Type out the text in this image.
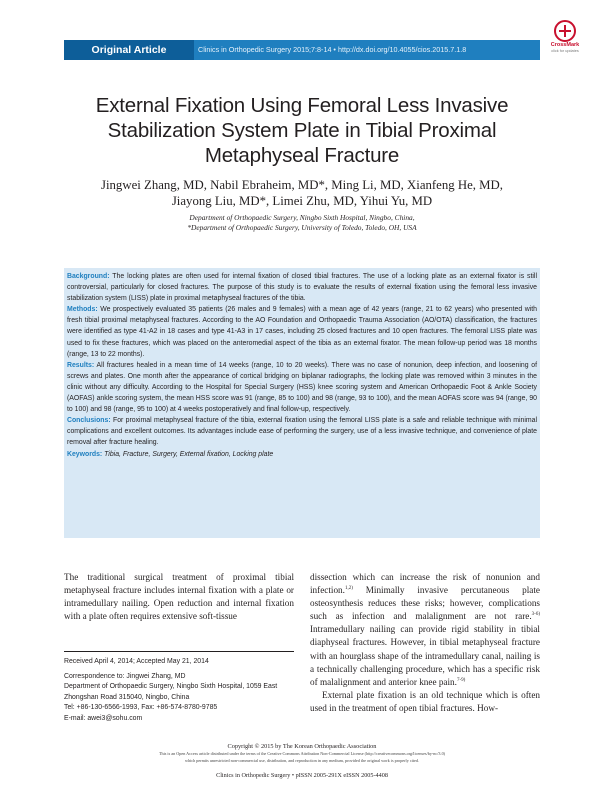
Original Article	Clinics in Orthopedic Surgery 2015;7:8-14 • http://dx.doi.org/10.4055/cios.2015.7.1.8	CrossMark
click for updates
External Fixation Using Femoral Less Invasive
Stabilization System Plate in Tibial Proximal
Metaphyseal Fracture
Jingwei Zhang, MD, Nabil Ebraheim, MD*, Ming Li, MD, Xianfeng He, MD,
Jiayong Liu, MD*, Limei Zhu, MD, Yihui Yu, MD
Department of Orthopaedic Surgery, Ningbo Sixth Hospital, Ningbo, China,
*Department of Orthopaedic Surgery, University of Toledo, Toledo, OH, USA

Background: The locking plates are often used for internal fixation of closed tibial fractures. The use of a locking plate as an external fixator is still controversial, particularly for closed fractures. The purpose of this study is to evaluate the results of external fixation using the femoral less invasive stabilization system (LISS) plate in proximal metaphyseal fractures of the tibia.

Methods: We prospectively evaluated 35 patients (26 males and 9 females) with a mean age of 42 years (range, 21 to 62 years) who presented with fresh tibial proximal metaphyseal fractures. According to the AO Foundation and Orthopaedic Trauma Association (AO/OTA) classification, the fractures were identified as type 41-A2 in 18 cases and type 41-A3 in 17 cases, including 25 closed fractures and 10 open fractures. The femoral LISS plate was used to fix these fractures, which was placed on the anteromedial aspect of the tibia as an external fixator. The mean follow-up period was 18 months (range, 13 to 22 months).

Results: All fractures healed in a mean time of 14 weeks (range, 10 to 20 weeks). There was no case of nonunion, deep infection, and loosening of screws and plates. One month after the appearance of cortical bridging on biplanar radiographs, the locking plate was removed within 3 minutes in the clinic without any difficulty. According to the Hospital for Special Surgery (HSS) knee scoring system and American Orthopaedic Foot & Ankle Society (AOFAS) ankle scoring system, the mean HSS score was 91 (range, 85 to 100) and 98 (range, 93 to 100), and the mean AOFAS score was 94 (range, 90 to 100) and 98 (range, 95 to 100) at 4 weeks postoperatively and final follow-up, respectively.

Conclusions: For proximal metaphyseal fracture of the tibia, external fixation using the femoral LISS plate is a safe and reliable technique with minimal complications and excellent outcomes. Its advantages include ease of performing the surgery, use of a less invasive technique, and convenience of plate removal after fracture healing.

Keywords: Tibia, Fracture, Surgery, External fixation, Locking plate

The traditional surgical treatment of proximal tibial metaphyseal fracture includes internal fixation with a plate or intramedullary nailing. Open reduction and internal fixation with a plate often requires extensive soft-tissue

dissection which can increase the risk of nonunion and infection.$^{1,2)}$ Minimally invasive percutaneous plate osteosynthesis reduces these risks; however, complications such as infection and malalignment are not rare.$^{3-6)}$ Intramedullary nailing can provide rigid stability in tibial diaphyseal fractures. However, in tibial metaphyseal fracture with an hourglass shape of the intramedullary canal, nailing is a technically challenging procedure, which has a specific risk of malalignment and anterior knee pain.$^{7-9)}$

External plate fixation is an old technique which is often used in the treatment of open tibial fractures. How-

Received April 4, 2014; Accepted May 21, 2014
Correspondence to: Jingwei Zhang, MD
Department of Orthopaedic Surgery, Ningbo Sixth Hospital, 1059 East
Zhongshan Road 315040, Ningbo, China
Tel: +86-130-6566-1993, Fax: +86-574-8780-9785
E-mail: awei3@sohu.com
Copyright © 2015 by The Korean Orthopaedic Association
This is an Open Access article distributed under the terms of the Creative Commons Attribution Non-Commercial License (http://creativecommons.org/licenses/by-nc/3.0)
which permits unrestricted non-commercial use, distribution, and reproduction in any medium, provided the original work is properly cited.
Clinics in Orthopedic Surgery • pISSN 2005-291X eISSN 2005-4408
